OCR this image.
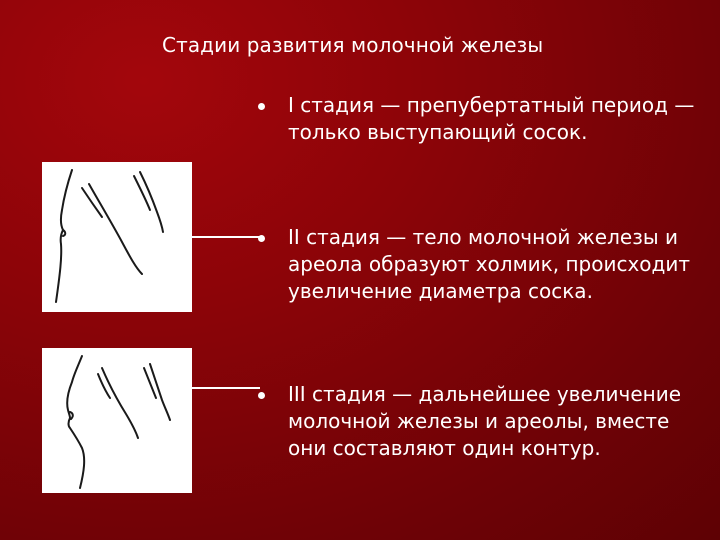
Стадии развития молочной железы
I стадия — препубертатный период — только выступающий сосок.
II стадия — тело молочной железы и ареола образуют холмик, происходит увеличение диаметра соска.
III стадия — дальнейшее увеличение молочной железы и ареолы, вместе они составляют один контур.
